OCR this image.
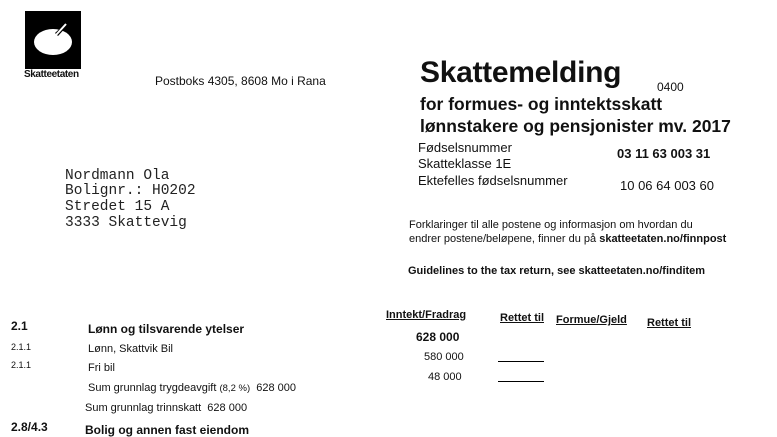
Skatteetaten	Postboks 4305, 8608 Mo i Rana	Skattemelding	0400
for formues- og inntektsskatt
lønnstakere og pensjonister mv. 2017
Fødselsnummer	03 11 63 003 31
Skatteklasse 1E
Ektefelles fødselsnummer	10 06 64 003 60
Nordmann Ola
Bolignr.: H0202
Stredet 15 A
3333 Skattevig	Forklaringer til alle postene og informasjon om hvordan du
endrer postene/beløpene, finner du på skatteetaten.no/finnpost
Guidelines to the tax return, see skatteetaten.no/finditem
Inntekt/Fradrag	Rettet til Formue/Gjeld Rettet til
2.1	Lønn og tilsvarende ytelser
628 000
2.1.1	Lønn, Skattvik Bil
580 000
2.1.1	Fri bil
48 000
Sum grunnlag trygdeavgift (8,2 %) 628 000
Sum grunnlag trinnskatt 628 000
2.8/4.3	Bolig og annen fast eiendom
